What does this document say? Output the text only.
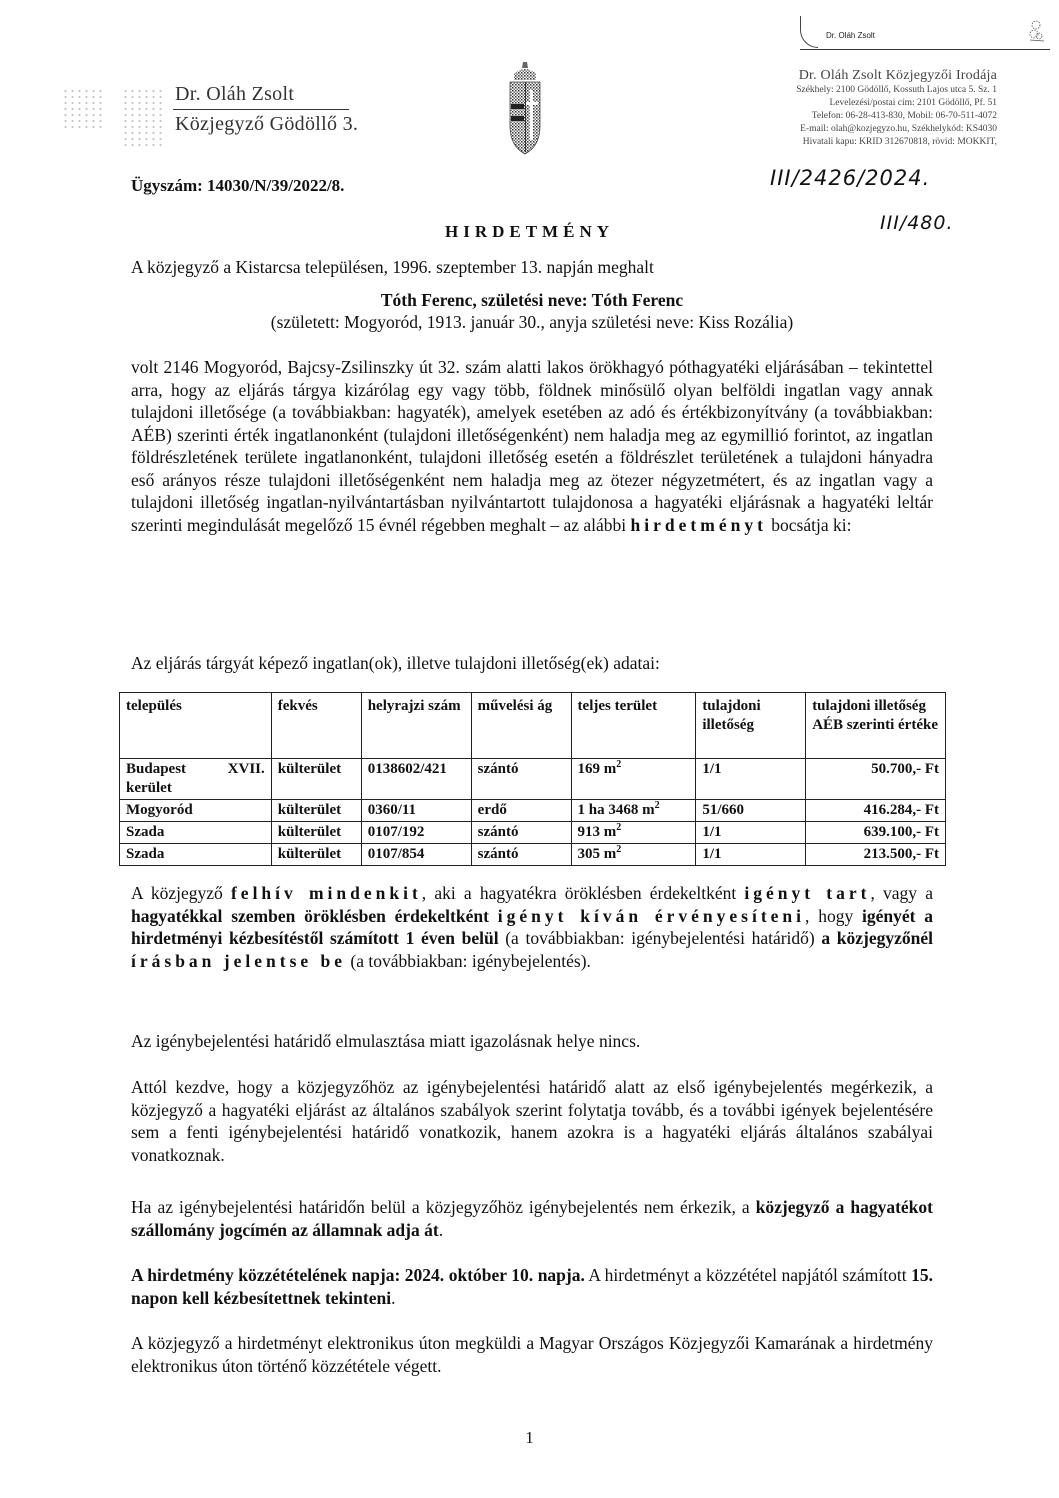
Dr. Oláh Zsolt
Dr. Oláh Zsolt
Közjegyző Gödöllő 3.
Dr. Oláh Zsolt Közjegyzői Irodája
Székhely: 2100 Gödöllő, Kossuth Lajos utca 5. Sz. 1
Levelezési/postai cím: 2101 Gödöllő, Pf. 51
Telefon: 06-28-413-830, Mobil: 06-70-511-4072
E-mail: olah@kozjegyzo.hu, Székhelykód: KS4030
Hivatali kapu: KRID 312670818, rövid: MOKKIT,
Ügyszám: 14030/N/39/2022/8.	III/2426/2024.
III/480.
HIRDETMÉNY
A közjegyző a Kistarcsa településen, 1996. szeptember 13. napján meghalt
Tóth Ferenc, születési neve: Tóth Ferenc
(született: Mogyoród, 1913. január 30., anyja születési neve: Kiss Rozália)
volt 2146 Mogyoród, Bajcsy-Zsilinszky út 32. szám alatti lakos örökhagyó póthagyatéki eljárásában – tekintettel arra, hogy az eljárás tárgya kizárólag egy vagy több, földnek minősülő olyan belföldi ingatlan vagy annak tulajdoni illetősége (a továbbiakban: hagyaték), amelyek esetében az adó és értékbizonyítvány (a továbbiakban: AÉB) szerinti érték ingatlanonként (tulajdoni illetőségenként) nem haladja meg az egymillió forintot, az ingatlan földrészletének területe ingatlanonként, tulajdoni illetőség esetén a földrészlet területének a tulajdoni hányadra eső arányos része tulajdoni illetőségenként nem haladja meg az ötezer négyzetmétert, és az ingatlan vagy a tulajdoni illetőség ingatlan-nyilvántartásban nyilvántartott tulajdonosa a hagyatéki eljárásnak a hagyatéki leltár szerinti megindulását megelőző 15 évnél régebben meghalt – az alábbi hirdetményt bocsátja ki:
Az eljárás tárgyát képező ingatlan(ok), illetve tulajdoni illetőség(ek) adatai:
település	fekvés	helyrajzi szám	művelési ág	teljes terület	tulajdoni illetőség	tulajdoni illetőség AÉB szerinti értéke
Budapest XVII. kerület	külterület	0138602/421	szántó	169 $m^2$	1/1	50.700,- Ft
Mogyoród	külterület	0360/11	erdő	1 ha 3468 $m^2$	51/660	416.284,- Ft
Szada	külterület	0107/192	szántó	913 $m^2$	1/1	639.100,- Ft
Szada	külterület	0107/854	szántó	305 $m^2$	1/1	213.500,- Ft
A közjegyző felhív mindenkit, aki a hagyatékra öröklésben érdekeltként igényt tart, vagy a hagyatékkal szemben öröklésben érdekeltként igényt kíván érvényesíteni, hogy igényét a hirdetményi kézbesítéstől számított 1 éven belül (a továbbiakban: igénybejelentési határidő) a közjegyzőnél írásban jelentse be (a továbbiakban: igénybejelentés).
Az igénybejelentési határidő elmulasztása miatt igazolásnak helye nincs.
Attól kezdve, hogy a közjegyzőhöz az igénybejelentési határidő alatt az első igénybejelentés megérkezik, a közjegyző a hagyatéki eljárást az általános szabályok szerint folytatja tovább, és a további igények bejelentésére sem a fenti igénybejelentési határidő vonatkozik, hanem azokra is a hagyatéki eljárás általános szabályai vonatkoznak.
Ha az igénybejelentési határidőn belül a közjegyzőhöz igénybejelentés nem érkezik, a közjegyző a hagyatékot szállomány jogcímén az államnak adja át.
A hirdetmény közzétételének napja: 2024. október 10. napja. A hirdetményt a közzététel napjától számított 15. napon kell kézbesítettnek tekinteni.
A közjegyző a hirdetményt elektronikus úton megküldi a Magyar Országos Közjegyzői Kamarának a hirdetmény elektronikus úton történő közzététele végett.
1
